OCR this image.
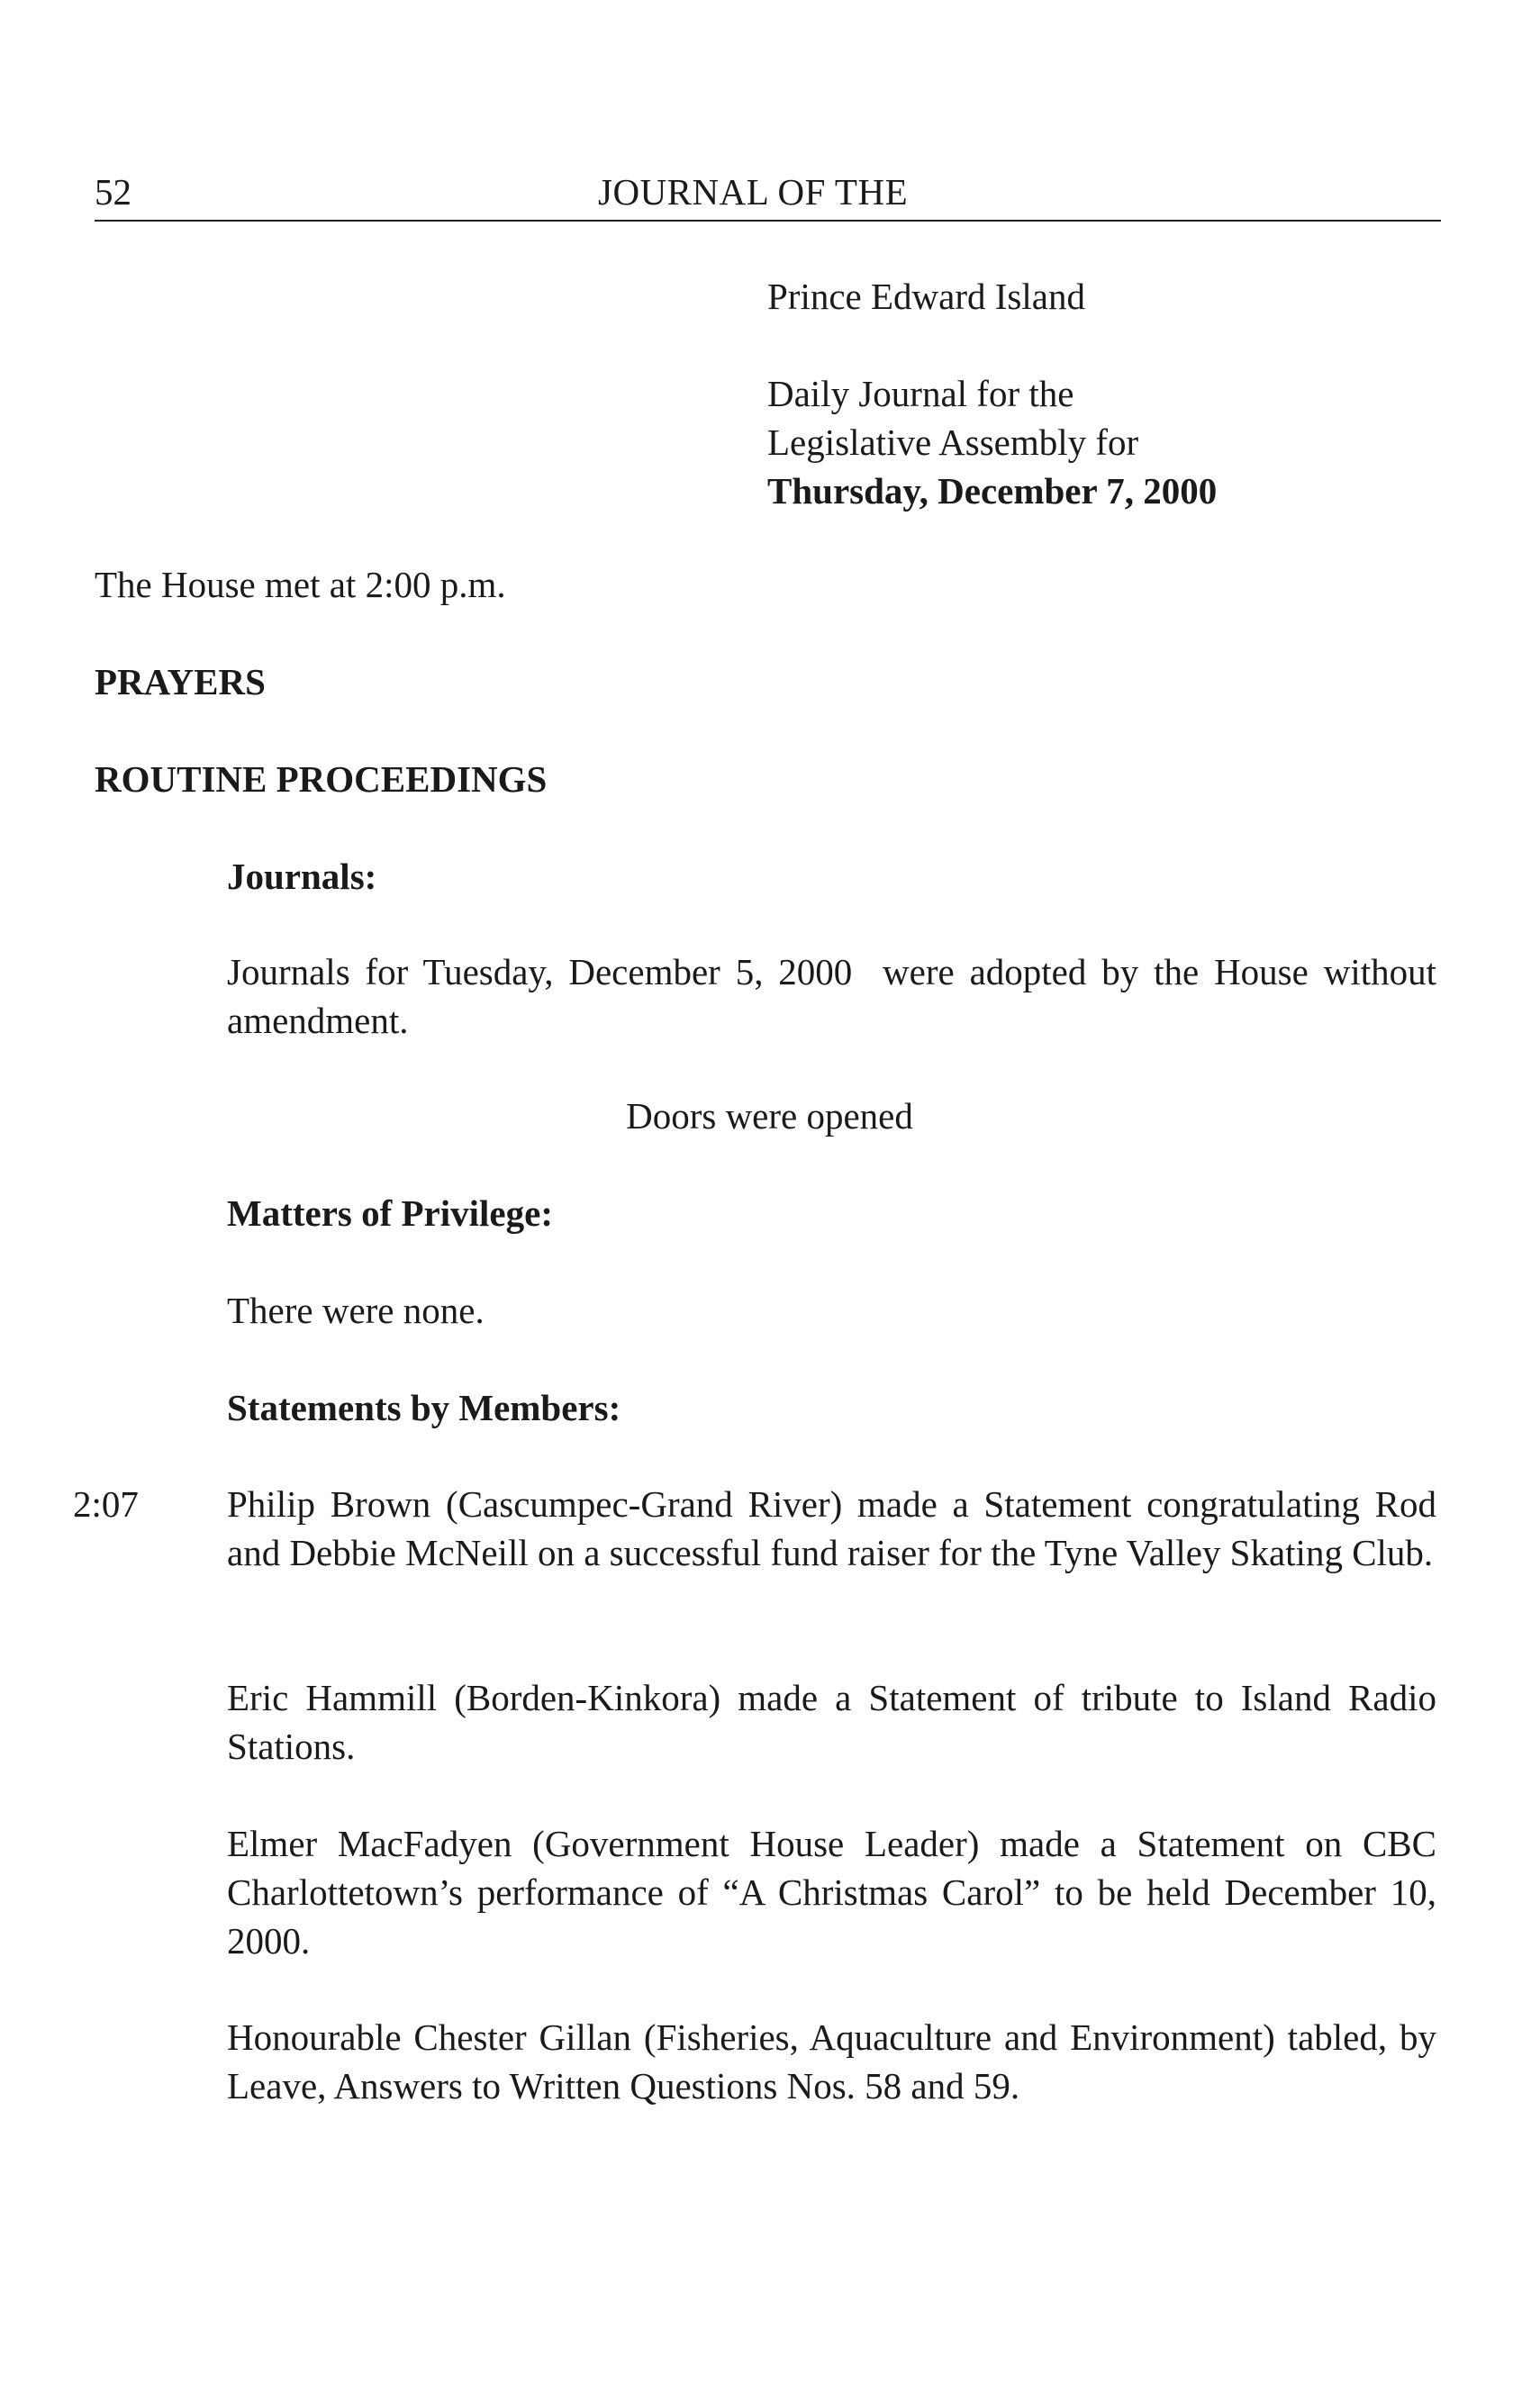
52	JOURNAL OF THE

Prince Edward Island
Daily Journal for the
Legislative Assembly for
Thursday, December 7, 2000

The House met at 2:00 p.m.

PRAYERS

ROUTINE PROCEEDINGS

Journals:

Journals for Tuesday, December 5, 2000  were adopted by the House without amendment.

Doors were opened

Matters of Privilege:

There were none.

Statements by Members:

2:07 Philip Brown (Cascumpec-Grand River) made a Statement congratulating Rod and Debbie McNeill on a successful fund raiser for the Tyne Valley Skating Club.

Eric Hammill (Borden-Kinkora) made a Statement of tribute to Island Radio Stations.

Elmer MacFadyen (Government House Leader) made a Statement on CBC Charlottetown’s performance of “A Christmas Carol” to be held December 10, 2000.

Honourable Chester Gillan (Fisheries, Aquaculture and Environment) tabled, by Leave, Answers to Written Questions Nos. 58 and 59.
